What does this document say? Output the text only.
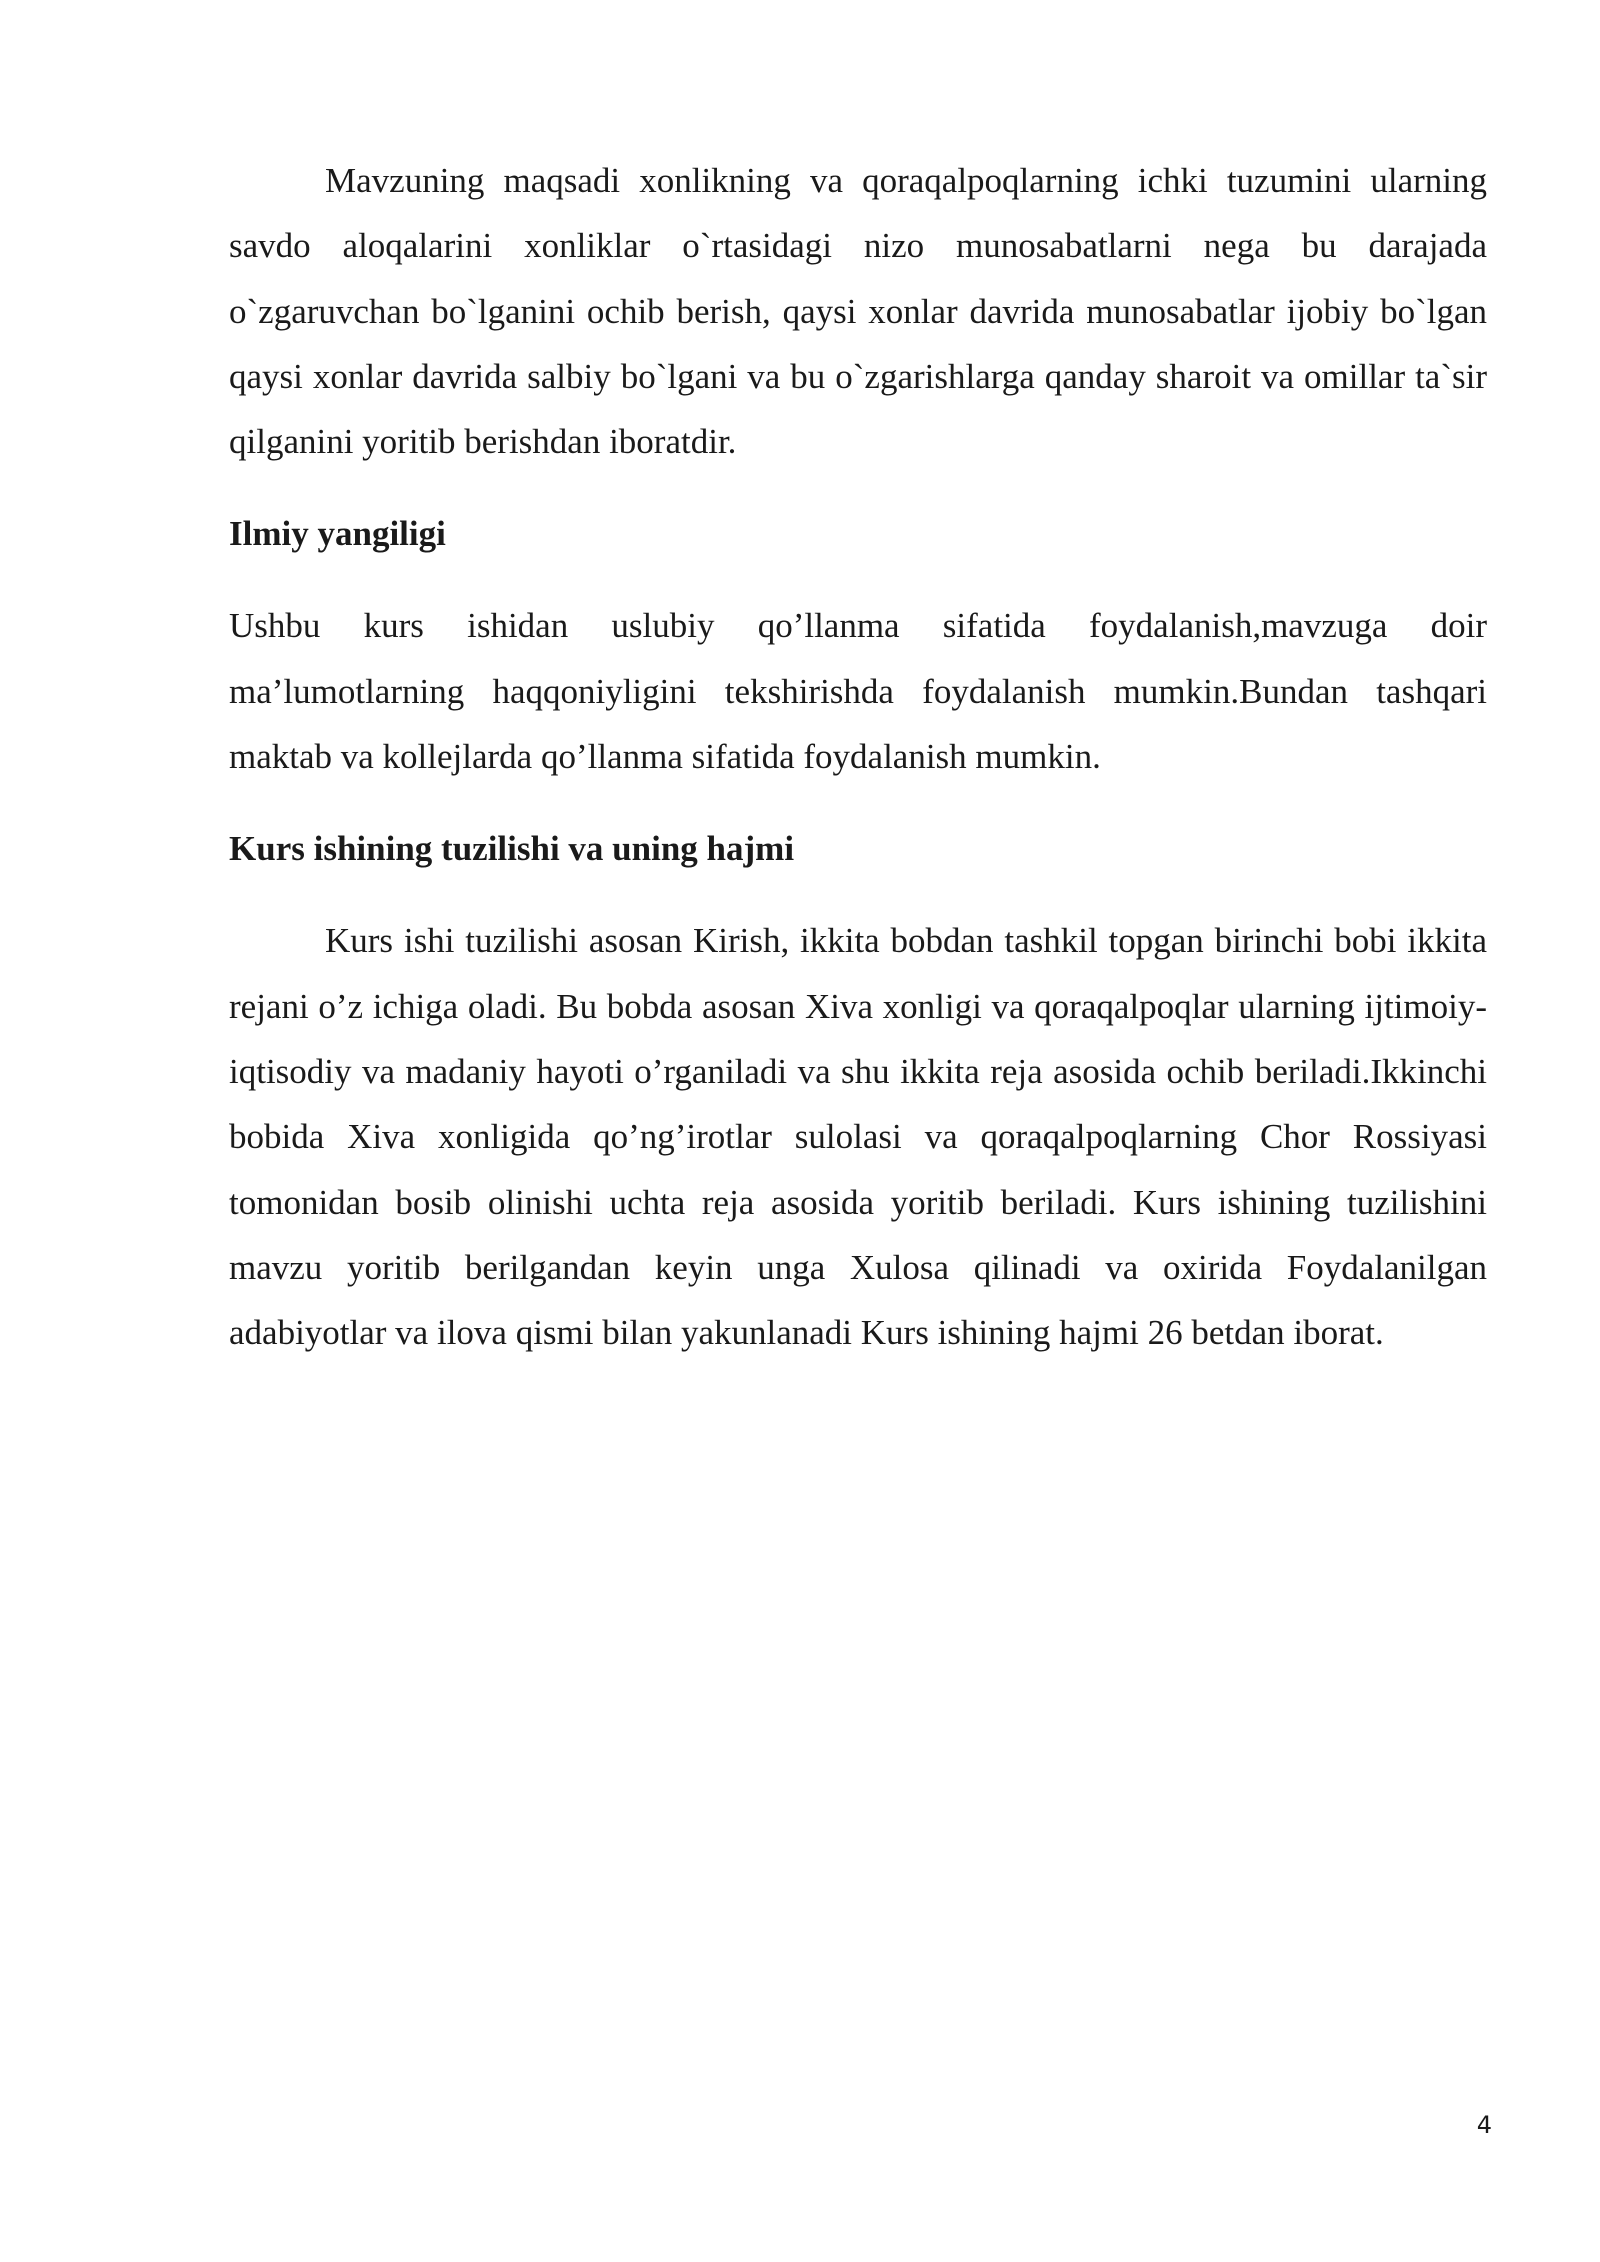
Mavzuning maqsadi xonlikning va qoraqalpoqlarning ichki tuzumini ularning savdo aloqalarini xonliklar o`rtasidagi nizo munosabatlarni nega bu darajada o`zgaruvchan bo`lganini ochib berish, qaysi xonlar davrida munosabatlar ijobiy bo`lgan qaysi xonlar davrida salbiy bo`lgani va bu o`zgarishlarga qanday sharoit va omillar ta`sir qilganini yoritib berishdan iboratdir.

Ilmiy yangiligi

Ushbu kurs ishidan uslubiy qo’llanma sifatida foydalanish,mavzuga doir ma’lumotlarning haqqoniyligini tekshirishda foydalanish mumkin.Bundan tashqari maktab va kollejlarda qo’llanma sifatida foydalanish mumkin.

Kurs ishining tuzilishi va uning hajmi

Kurs ishi tuzilishi asosan Kirish, ikkita bobdan tashkil topgan birinchi bobi ikkita rejani o’z ichiga oladi. Bu bobda asosan Xiva xonligi va qoraqalpoqlar ularning ijtimoiy-iqtisodiy va madaniy hayoti o’rganiladi va shu ikkita reja asosida ochib beriladi.Ikkinchi bobida Xiva xonligida qo’ng’irotlar sulolasi va qoraqalpoqlarning Chor Rossiyasi tomonidan bosib olinishi uchta reja asosida yoritib beriladi. Kurs ishining tuzilishini mavzu yoritib berilgandan keyin unga Xulosa qilinadi va oxirida Foydalanilgan adabiyotlar va ilova qismi bilan yakunlanadi Kurs ishining hajmi 26 betdan iborat.

4
